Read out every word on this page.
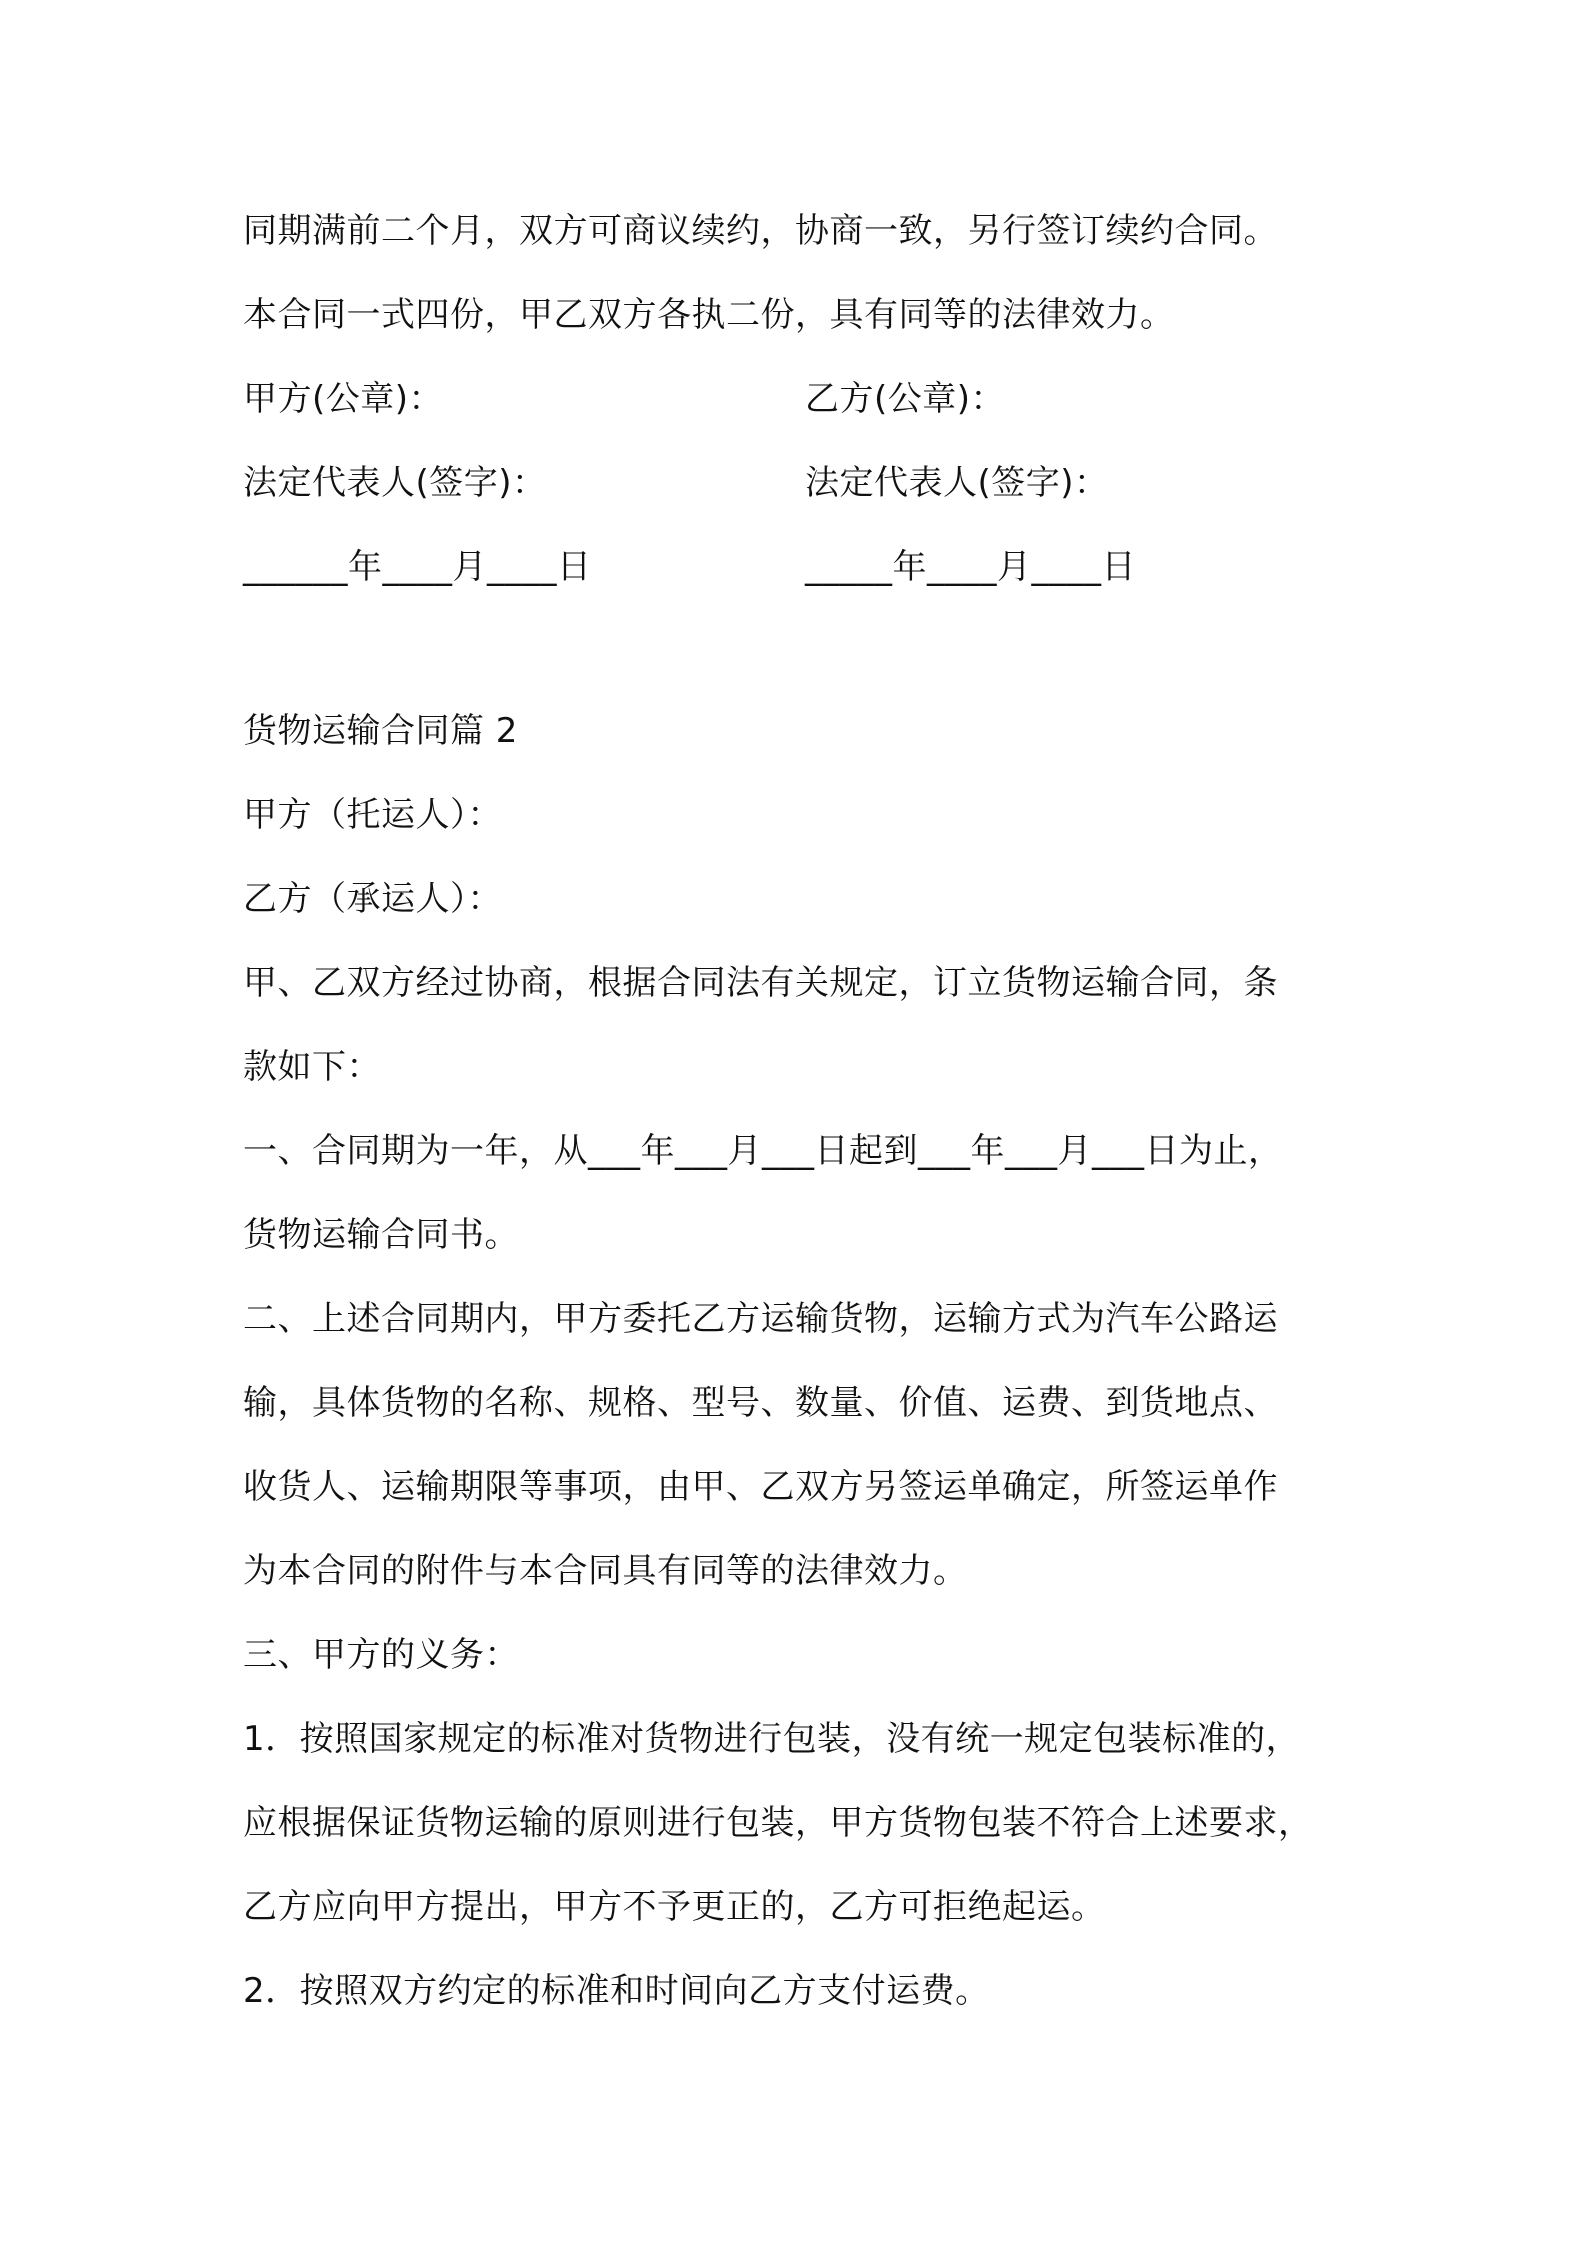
同期满前二个月，双方可商议续约，协商一致，另行签订续约合同。
本合同一式四份，甲乙双方各执二份，具有同等的法律效力。
甲方(公章)：	乙方(公章)：
法定代表人(签字)：	法定代表人(签字)：
______年____月____日	_____年____月____日
货物运输合同篇 2
甲方（托运人）：
乙方（承运人）：
甲、乙双方经过协商，根据合同法有关规定，订立货物运输合同，条
款如下：
一、合同期为一年，从___年___月___日起到___年___月___日为止，
货物运输合同书。
二、上述合同期内，甲方委托乙方运输货物，运输方式为汽车公路运
输，具体货物的名称、规格、型号、数量、价值、运费、到货地点、
收货人、运输期限等事项，由甲、乙双方另签运单确定，所签运单作
为本合同的附件与本合同具有同等的法律效力。
三、甲方的义务：
1．按照国家规定的标准对货物进行包装，没有统一规定包装标准的，
应根据保证货物运输的原则进行包装，甲方货物包装不符合上述要求，
乙方应向甲方提出，甲方不予更正的，乙方可拒绝起运。
2．按照双方约定的标准和时间向乙方支付运费。
